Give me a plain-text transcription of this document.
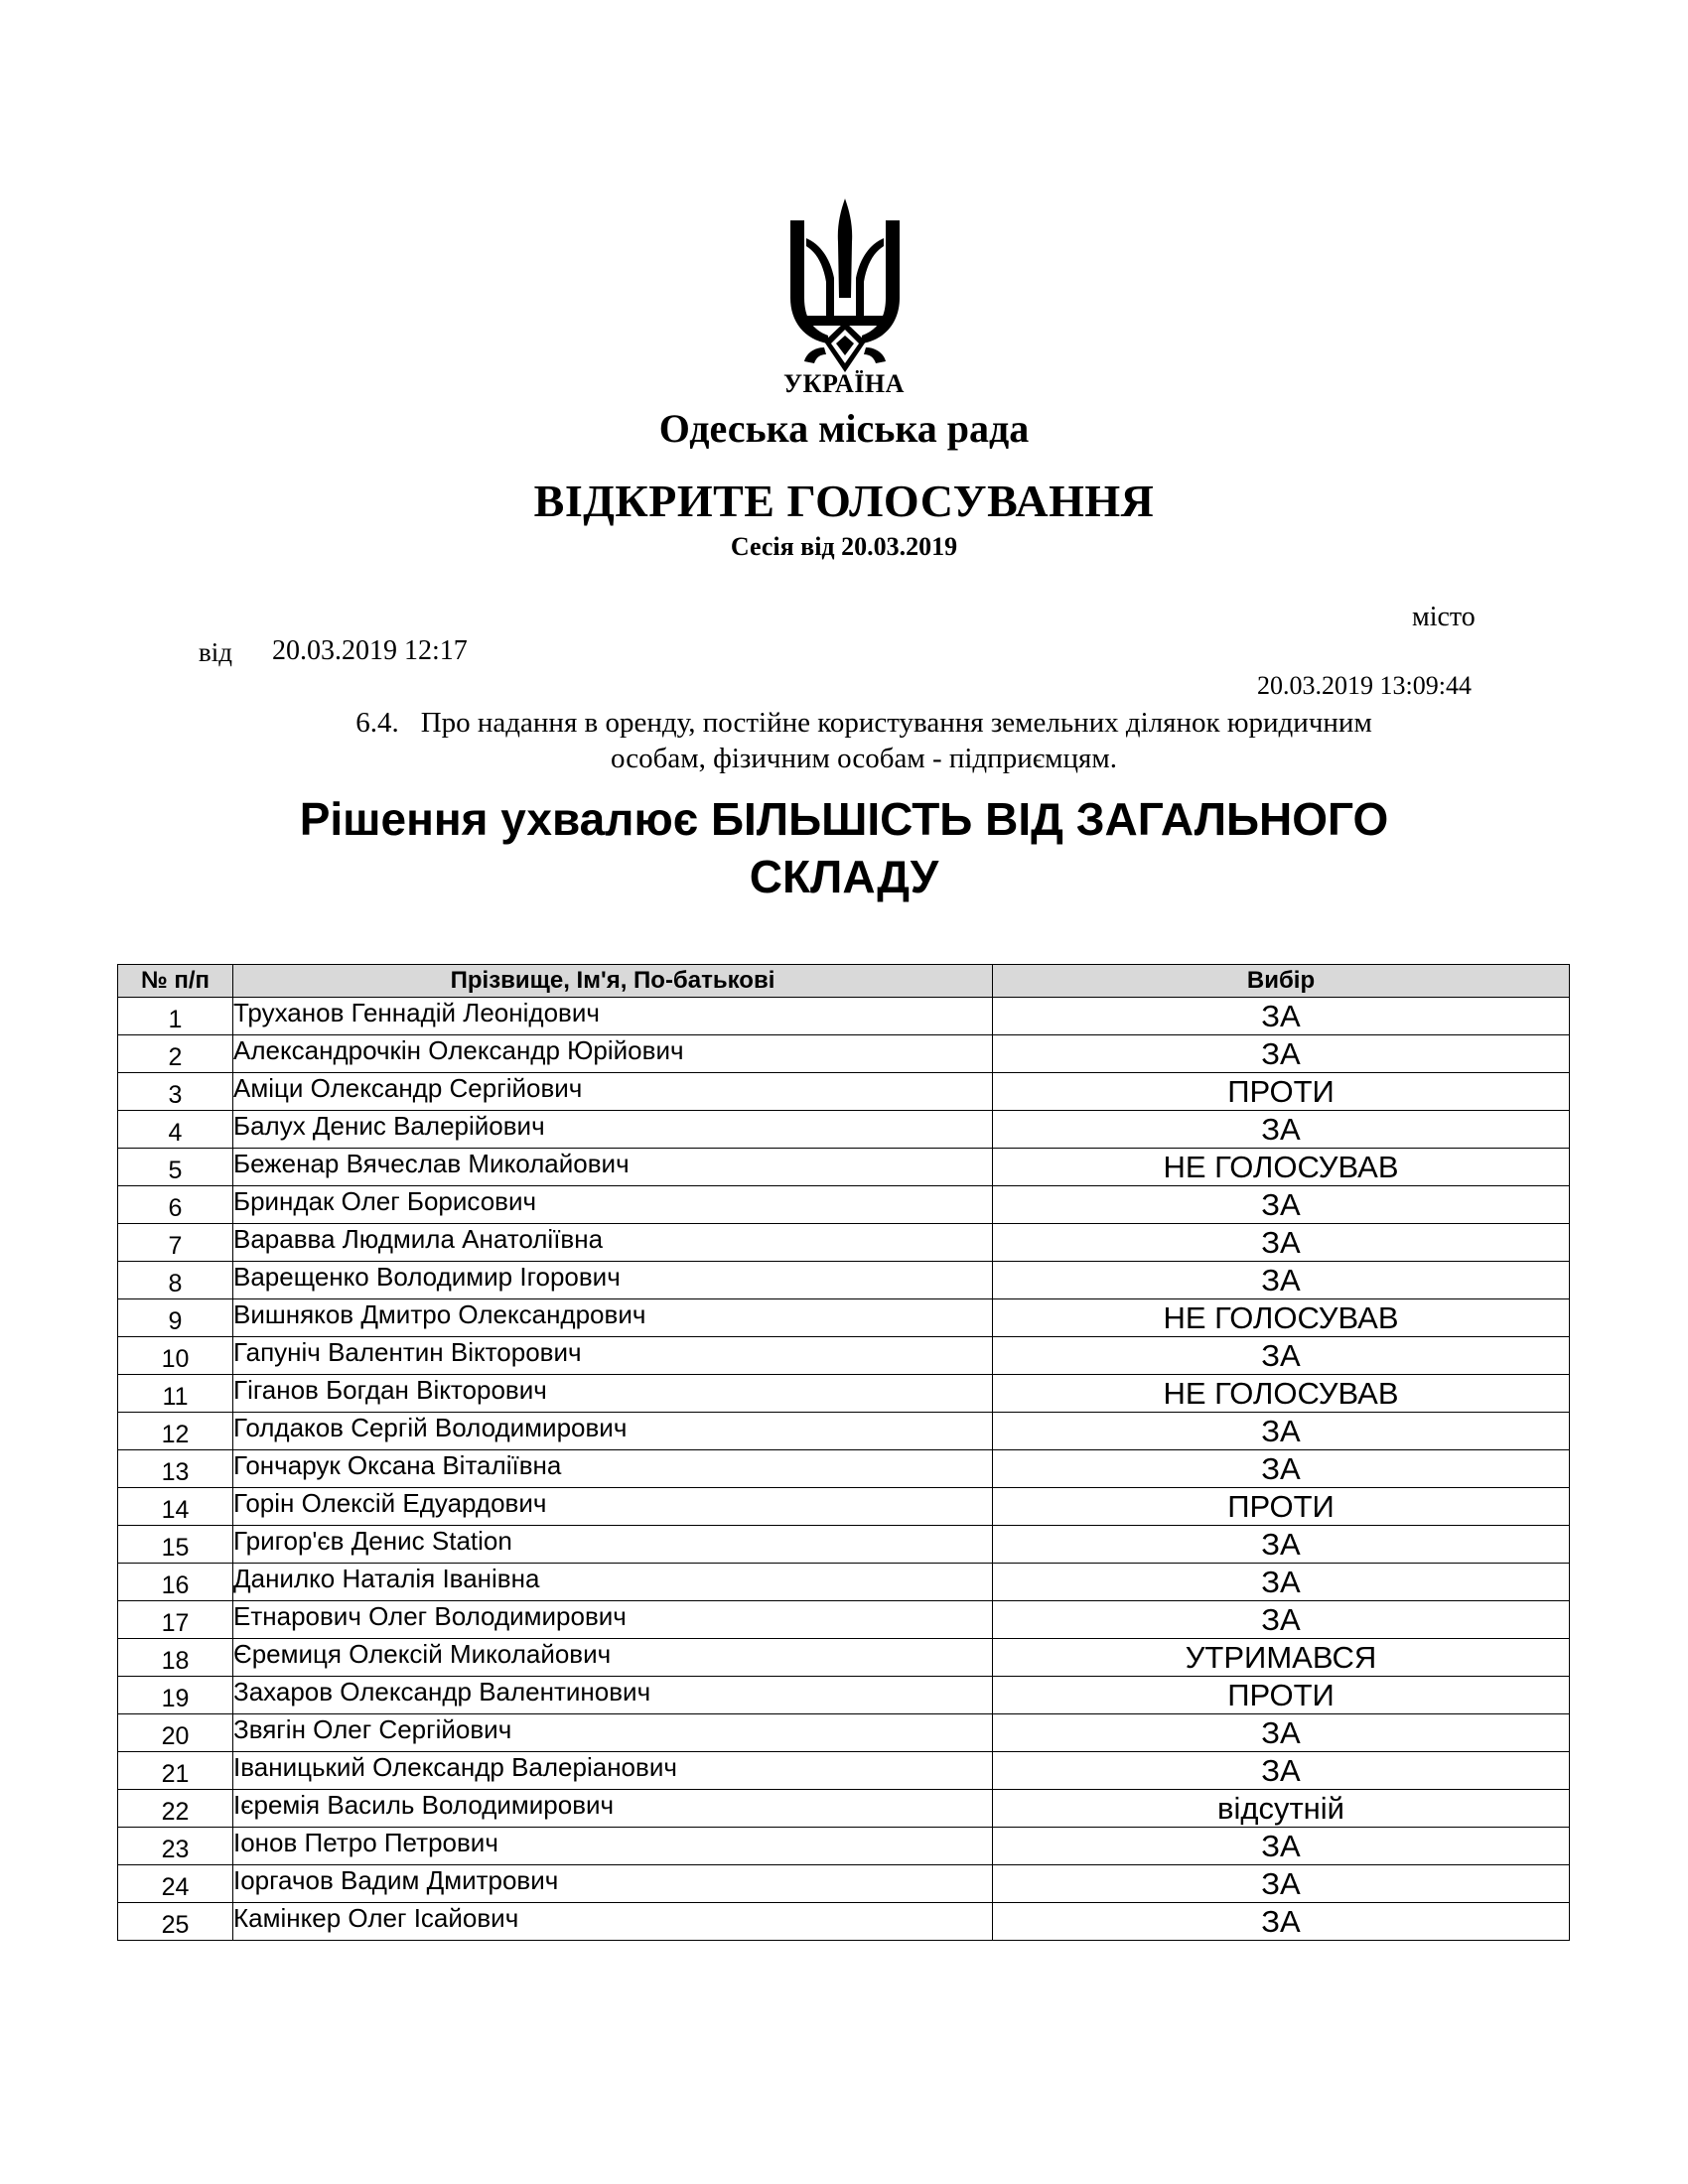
УКРАЇНА
Одеська міська рада
ВІДКРИТЕ ГОЛОСУВАННЯ
Сесія від 20.03.2019
місто
від 20.03.2019 12:17
20.03.2019 13:09:44
6.4. Про надання в оренду, постійне користування земельних ділянок юридичним
особам, фізичним особам - підприємцям.
Рішення ухвалює БІЛЬШІСТЬ ВІД ЗАГАЛЬНОГО
СКЛАДУ
№ п/п	Прізвище, Ім'я, По-батькові	Вибір
1	Труханов Геннадій Леонідович	ЗА
2	Александрочкін Олександр Юрійович	ЗА
3	Аміци Олександр Сергійович	ПРОТИ
4	Балух Денис Валерійович	ЗА
5	Беженар Вячеслав Миколайович	НЕ ГОЛОСУВАВ
6	Бриндак Олег Борисович	ЗА
7	Варавва Людмила Анатоліївна	ЗА
8	Варещенко Володимир Ігорович	ЗА
9	Вишняков Дмитро Олександрович	НЕ ГОЛОСУВАВ
10	Гапуніч Валентин Вікторович	ЗА
11	Гіганов Богдан Вікторович	НЕ ГОЛОСУВАВ
12	Голдаков Сергій Володимирович	ЗА
13	Гончарук Оксана Віталіївна	ЗА
14	Горін Олексій Едуардович	ПРОТИ
15	Григор'єв Денис Station	ЗА
16	Данилко Наталія Іванівна	ЗА
17	Етнарович Олег Володимирович	ЗА
18	Єремиця Олексій Миколайович	УТРИМАВСЯ
19	Захаров Олександр Валентинович	ПРОТИ
20	Звягін Олег Сергійович	ЗА
21	Іваницький Олександр Валеріанович	ЗА
22	Ієремія Василь Володимирович	відсутній
23	Іонов Петро Петрович	ЗА
24	Іоргачов Вадим Дмитрович	ЗА
25	Камінкер Олег Ісайович	ЗА
